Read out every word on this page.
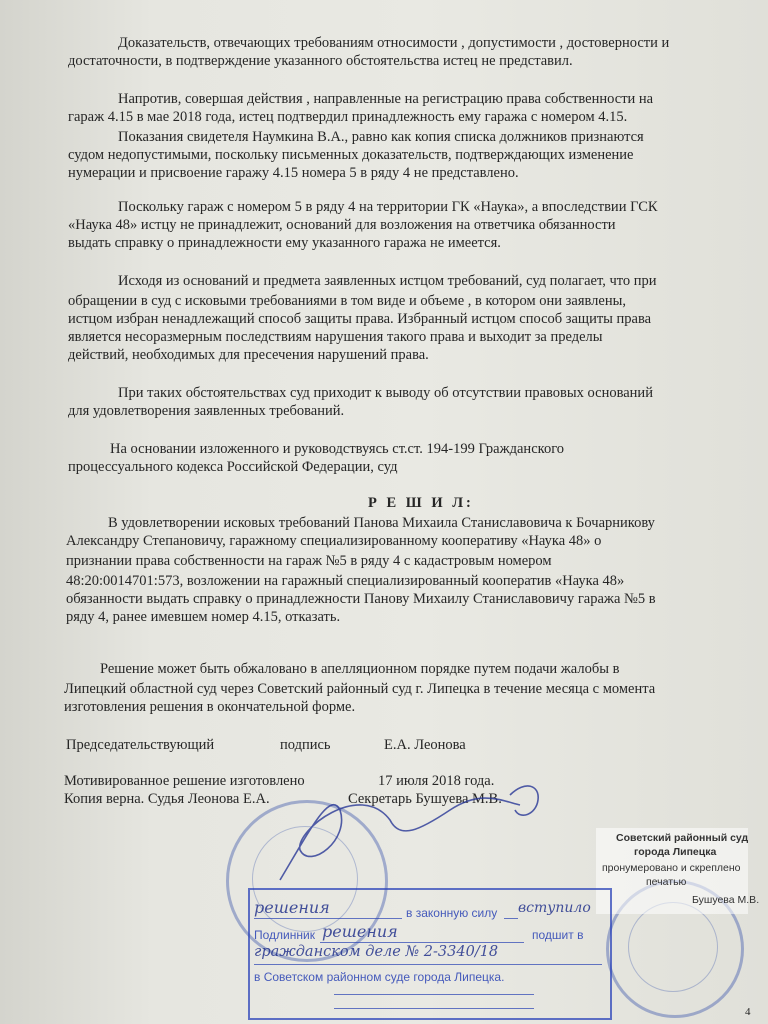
Доказательств, отвечающих требованиям относимости , допустимости , достоверности и
достаточности, в подтверждение указанного обстоятельства истец не представил.
Напротив, совершая действия , направленные на регистрацию права собственности на
гараж 4.15 в мае 2018 года, истец подтвердил принадлежность ему гаража с номером 4.15.
Показания свидетеля Наумкина В.А., равно как копия списка должников признаются
судом недопустимыми, поскольку письменных доказательств, подтверждающих изменение
нумерации и присвоение гаражу 4.15 номера 5 в ряду 4 не представлено.
Поскольку гараж с номером 5 в ряду 4 на территории ГК «Наука», а впоследствии ГСК
«Наука 48» истцу не принадлежит, оснований для возложения на ответчика обязанности
выдать справку о принадлежности ему указанного гаража не имеется.
Исходя из оснований и предмета заявленных истцом требований, суд полагает, что при
обращении в суд с исковыми требованиями в том виде и объеме , в котором они заявлены,
истцом избран ненадлежащий способ защиты права. Избранный истцом способ защиты права
является несоразмерным последствиям нарушения такого права и выходит за пределы
действий, необходимых для пресечения нарушений права.
При таких обстоятельствах суд приходит к выводу об отсутствии правовых оснований
для удовлетворения заявленных требований.
На основании изложенного и руководствуясь ст.ст. 194-199 Гражданского
процессуального кодекса Российской Федерации, суд
Р Е Ш И Л:
В удовлетворении исковых требований Панова Михаила Станиславовича к Бочарникову
Александру Степановичу, гаражному специализированному кооперативу «Наука 48» о
признании права собственности на гараж №5 в ряду 4 с кадастровым номером
48:20:0014701:573, возложении на гаражный специализированный кооператив «Наука 48»
обязанности выдать справку о принадлежности Панову Михаилу Станиславовичу гаража №5 в
ряду 4, ранее имевшем номер 4.15, отказать.
Решение может быть обжаловано в апелляционном порядке путем подачи жалобы в
Липецкий областной суд через Советский районный суд г. Липецка в течение месяца с момента
изготовления решения в окончательной форме.
Председательствующий	подпись	Е.А. Леонова
Мотивированное решение изготовлено	17 июля 2018 года.
Копия верна. Судья Леонова Е.А.	Секретарь Бушуева М.В.
Советский районный суд
города Липецка
пронумеровано и скреплено
печатью
Бушуева М.В.
решения	в законную силу вступило
Подлинник решения	подшит в
гражданском деле № 2-3340/18
в Советском районном суде города Липецка.
4
